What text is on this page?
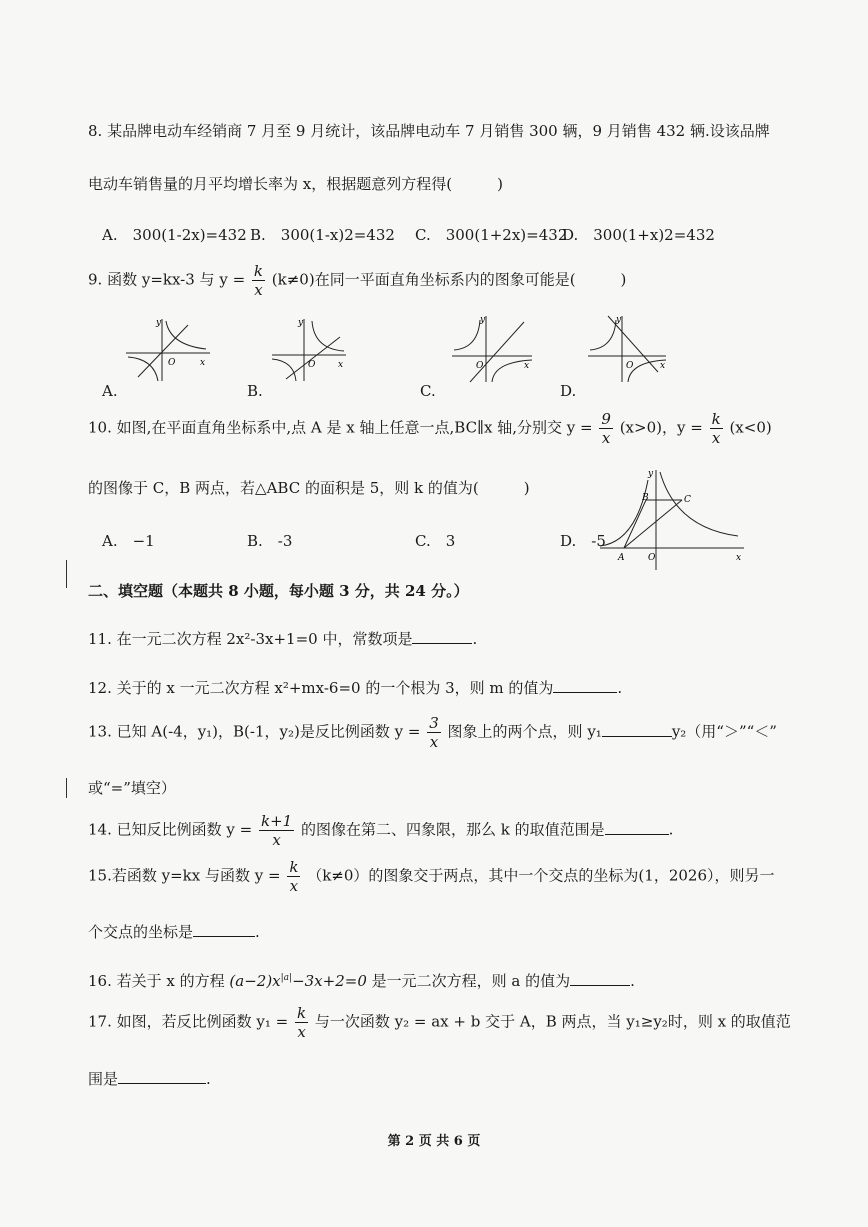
8. 某品牌电动车经销商 7 月至 9 月统计，该品牌电动车 7 月销售 300 辆，9 月销售 432 辆.设该品牌
电动车销售量的月平均增长率为 x，根据题意列方程得(　　　)
A.　300(1-2x)=432 B.　300(1-x)2=432 C.　300(1+2x)=432
D.　300(1+x)2=432
9. 函数 y=kx-3 与 $y = \frac{k}{x} (k\ne 0)$在同一平面直角坐标系内的图象可能是(　　　)
y
x
O
A.
y
x
O
B.
y
x
O
C.
y
x
O
D.
10. 如图,在平面直角坐标系中,点 A 是 x 轴上任意一点,BC∥x 轴,分别交 $y = \frac{9}{x} (x>0)$，$y = \frac{k}{x} (x<0)$
的图像于 C，B 两点，若△ABC 的面积是 5，则 k 的值为(　　　)
A.　−1	B.　-3	C.　3	D.　-5
y
x
O
A
B	C
二、填空题（本题共 8 小题，每小题 3 分，共 24 分。）
11. 在一元二次方程 2x²-3x+1=0 中，常数项是	.
12. 关于的 x 一元二次方程 x²+mx-6=0 的一个根为 3，则 m 的值为	.
13. 已知 A(-4，y₁)，B(-1，y₂)是反比例函数 $y = \frac{3}{x}$ 图象上的两个点，则 y₁	y₂（用“＞”“＜”
或“=”填空）
14. 已知反比例函数 $y = \frac{k+1}{x}$ 的图像在第二、四象限，那么 k 的取值范围是	.
15.若函数 y=kx 与函数 $y = \frac{k}{x} (k\ne 0)$的图象交于两点，其中一个交点的坐标为(1，2026），则另一
个交点的坐标是	.
16. 若关于 x 的方程 $(a-2)x^{|a|}-3x+2=0$ 是一元二次方程，则 a 的值为	.
17. 如图，若反比例函数 $y_1 = \frac{k}{x}$ 与一次函数 y₂ = ax + b 交于 A，B 两点，当 y₁≥y₂时，则 x 的取值范
围是	.
第 2 页 共 6 页
